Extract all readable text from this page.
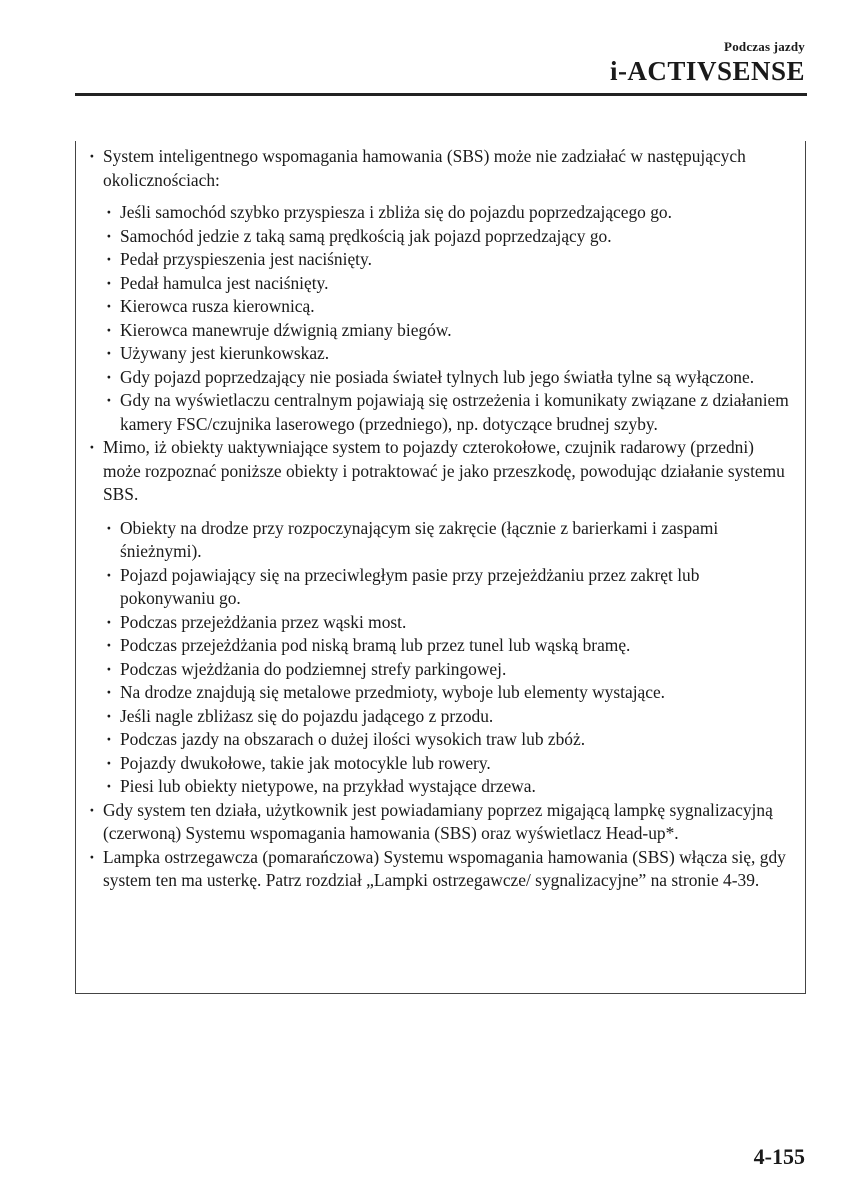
Podczas jazdy
i-ACTIVSENSE
· System inteligentnego wspomagania hamowania (SBS) może nie zadziałać w następujących okolicznościach:
· Jeśli samochód szybko przyspiesza i zbliża się do pojazdu poprzedzającego go.
· Samochód jedzie z taką samą prędkością jak pojazd poprzedzający go.
· Pedał przyspieszenia jest naciśnięty.
· Pedał hamulca jest naciśnięty.
· Kierowca rusza kierownicą.
· Kierowca manewruje dźwignią zmiany biegów.
· Używany jest kierunkowskaz.
· Gdy pojazd poprzedzający nie posiada świateł tylnych lub jego światła tylne są wyłączone.
· Gdy na wyświetlaczu centralnym pojawiają się ostrzeżenia i komunikaty związane z działaniem kamery FSC/czujnika laserowego (przedniego), np. dotyczące brudnej szyby.
· Mimo, iż obiekty uaktywniające system to pojazdy czterokołowe, czujnik radarowy (przedni) może rozpoznać poniższe obiekty i potraktować je jako przeszkodę, powodując działanie systemu SBS.
· Obiekty na drodze przy rozpoczynającym się zakręcie (łącznie z barierkami i zaspami śnieżnymi).
· Pojazd pojawiający się na przeciwległym pasie przy przejeżdżaniu przez zakręt lub pokonywaniu go.
· Podczas przejeżdżania przez wąski most.
· Podczas przejeżdżania pod niską bramą lub przez tunel lub wąską bramę.
· Podczas wjeżdżania do podziemnej strefy parkingowej.
· Na drodze znajdują się metalowe przedmioty, wyboje lub elementy wystające.
· Jeśli nagle zbliżasz się do pojazdu jadącego z przodu.
· Podczas jazdy na obszarach o dużej ilości wysokich traw lub zbóż.
· Pojazdy dwukołowe, takie jak motocykle lub rowery.
· Piesi lub obiekty nietypowe, na przykład wystające drzewa.
· Gdy system ten działa, użytkownik jest powiadamiany poprzez migającą lampkę sygnalizacyjną (czerwoną) Systemu wspomagania hamowania (SBS) oraz wyświetlacz Head-up*.
· Lampka ostrzegawcza (pomarańczowa) Systemu wspomagania hamowania (SBS) włącza się, gdy system ten ma usterkę. Patrz rozdział „Lampki ostrzegawcze/ sygnalizacyjne” na stronie 4-39.
4-155
